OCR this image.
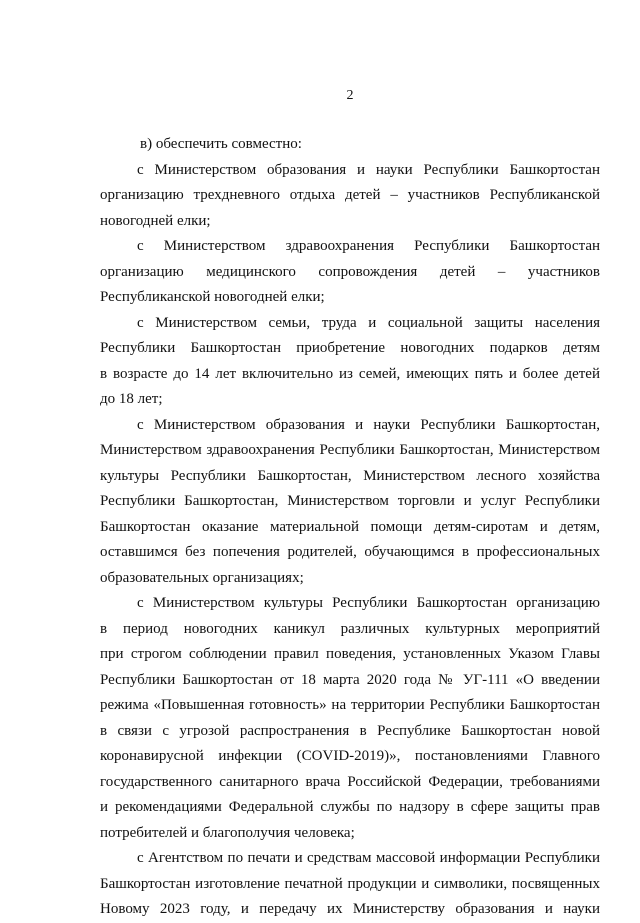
2
в) обеспечить совместно:
с Министерством образования и науки Республики Башкортостан
организацию трехдневного отдыха детей – участников Республиканской
новогодней елки;
с Министерством здравоохранения Республики Башкортостан
организацию медицинского сопровождения детей – участников
Республиканской новогодней елки;
с Министерством семьи, труда и социальной защиты населения
Республики Башкортостан приобретение новогодних подарков детям
в возрасте до 14 лет включительно из семей, имеющих пять и более детей
до 18 лет;
с Министерством образования и науки Республики Башкортостан,
Министерством здравоохранения Республики Башкортостан, Министерством
культуры Республики Башкортостан, Министерством лесного хозяйства
Республики Башкортостан, Министерством торговли и услуг Республики
Башкортостан оказание материальной помощи детям-сиротам и детям,
оставшимся без попечения родителей, обучающимся в профессиональных
образовательных организациях;
с Министерством культуры Республики Башкортостан организацию
в период новогодних каникул различных культурных мероприятий
при строгом соблюдении правил поведения, установленных Указом Главы
Республики Башкортостан от 18 марта 2020 года № УГ-111 «О введении
режима «Повышенная готовность» на территории Республики Башкортостан
в связи с угрозой распространения в Республике Башкортостан новой
коронавирусной инфекции (COVID-2019)», постановлениями Главного
государственного санитарного врача Российской Федерации, требованиями
и рекомендациями Федеральной службы по надзору в сфере защиты прав
потребителей и благополучия человека;
с Агентством по печати и средствам массовой информации Республики
Башкортостан изготовление печатной продукции и символики, посвященных
Новому 2023 году, и передачу их Министерству образования и науки
